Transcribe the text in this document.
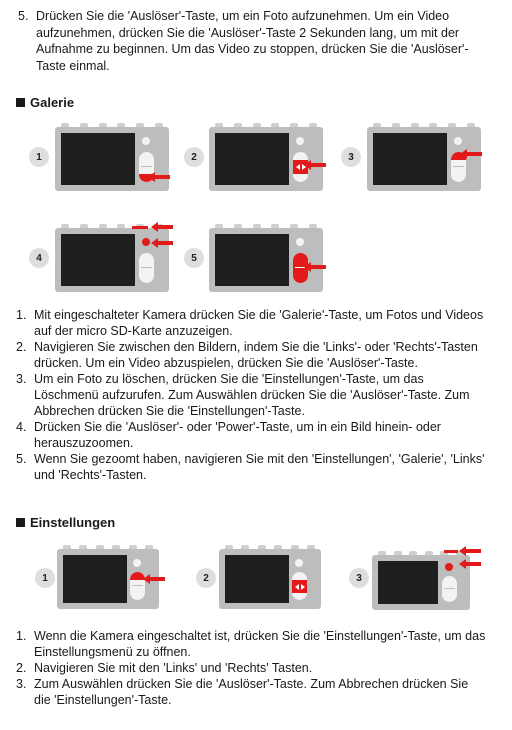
5. Drücken Sie die 'Auslöser'-Taste, um ein Foto aufzunehmen. Um ein Video aufzunehmen, drücken Sie die 'Auslöser'-Taste 2 Sekunden lang, um mit der Aufnahme zu beginnen. Um das Video zu stoppen, drücken Sie die 'Auslöser'-Taste einmal.
Galerie
1	2	3
4	5
1. Mit eingeschalteter Kamera drücken Sie die 'Galerie'-Taste, um Fotos und Videos auf der micro SD-Karte anzuzeigen.
2. Navigieren Sie zwischen den Bildern, indem Sie die 'Links'- oder 'Rechts'-Tasten drücken. Um ein Video abzuspielen, drücken Sie die 'Auslöser'-Taste.
3. Um ein Foto zu löschen, drücken Sie die 'Einstellungen'-Taste, um das Löschmenü aufzurufen. Zum Auswählen drücken Sie die 'Auslöser'-Taste. Zum Abbrechen drücken Sie die 'Einstellungen'-Taste.
4. Drücken Sie die 'Auslöser'- oder 'Power'-Taste, um in ein Bild hinein- oder herauszuzoomen.
5. Wenn Sie gezoomt haben, navigieren Sie mit den 'Einstellungen', 'Galerie', 'Links' und 'Rechts'-Tasten.
Einstellungen
1	2	3
1. Wenn die Kamera eingeschaltet ist, drücken Sie die 'Einstellungen'-Taste, um das Einstellungsmenü zu öffnen.
2. Navigieren Sie mit den 'Links' und 'Rechts' Tasten.
3. Zum Auswählen drücken Sie die 'Auslöser'-Taste. Zum Abbrechen drücken Sie die 'Einstellungen'-Taste.
